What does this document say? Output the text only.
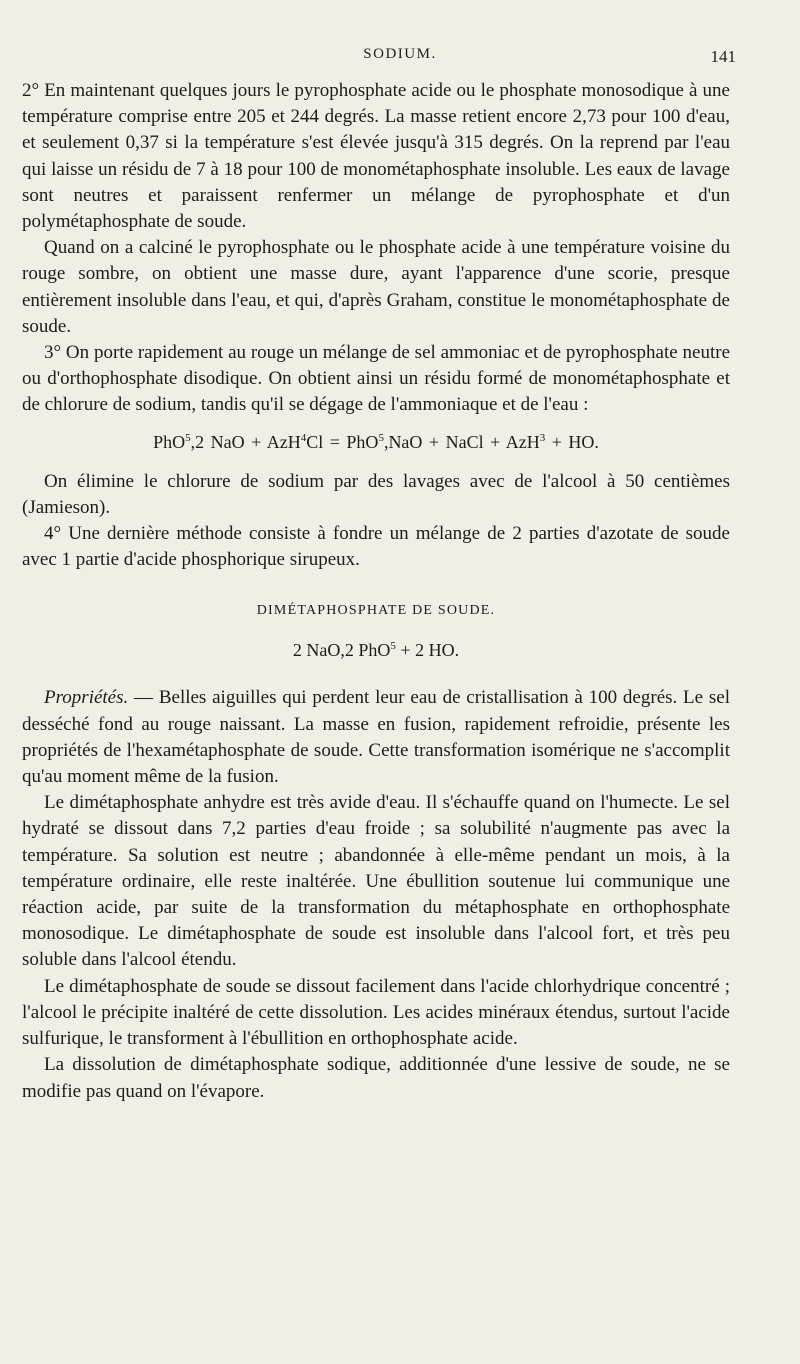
SODIUM.	141

2° En maintenant quelques jours le pyrophosphate acide ou le phosphate monosodique à une température comprise entre 205 et 244 degrés. La masse retient encore 2,73 pour 100 d'eau, et seulement 0,37 si la température s'est élevée jusqu'à 315 degrés. On la reprend par l'eau qui laisse un résidu de 7 à 18 pour 100 de monométaphosphate insoluble. Les eaux de lavage sont neutres et paraissent renfermer un mélange de pyrophosphate et d'un polymétaphosphate de soude.

Quand on a calciné le pyrophosphate ou le phosphate acide à une température voisine du rouge sombre, on obtient une masse dure, ayant l'apparence d'une scorie, presque entièrement insoluble dans l'eau, et qui, d'après Graham, constitue le monométaphosphate de soude.

3° On porte rapidement au rouge un mélange de sel ammoniac et de pyrophosphate neutre ou d'orthophosphate disodique. On obtient ainsi un résidu formé de monométaphosphate et de chlorure de sodium, tandis qu'il se dégage de l'ammoniaque et de l'eau :

PhO$^5$,2 NaO + AzH$^4$Cl = PhO$^5$,NaO + NaCl + AzH$^3$ + HO.

On élimine le chlorure de sodium par des lavages avec de l'alcool à 50 centièmes (Jamieson).

4° Une dernière méthode consiste à fondre un mélange de 2 parties d'azotate de soude avec 1 partie d'acide phosphorique sirupeux.

DIMÉTAPHOSPHATE DE SOUDE.
2 NaO,2 PhO$^5$ + 2 HO.

Propriétés. — Belles aiguilles qui perdent leur eau de cristallisation à 100 degrés. Le sel desséché fond au rouge naissant. La masse en fusion, rapidement refroidie, présente les propriétés de l'hexamétaphosphate de soude. Cette transformation isomérique ne s'accomplit qu'au moment même de la fusion.

Le dimétaphosphate anhydre est très avide d'eau. Il s'échauffe quand on l'humecte. Le sel hydraté se dissout dans 7,2 parties d'eau froide ; sa solubilité n'augmente pas avec la température. Sa solution est neutre ; abandonnée à elle-même pendant un mois, à la température ordinaire, elle reste inaltérée. Une ébullition soutenue lui communique une réaction acide, par suite de la transformation du métaphosphate en orthophosphate monosodique. Le dimétaphosphate de soude est insoluble dans l'alcool fort, et très peu soluble dans l'alcool étendu.

Le dimétaphosphate de soude se dissout facilement dans l'acide chlorhydrique concentré ; l'alcool le précipite inaltéré de cette dissolution. Les acides minéraux étendus, surtout l'acide sulfurique, le transforment à l'ébullition en orthophosphate acide.

La dissolution de dimétaphosphate sodique, additionnée d'une lessive de soude, ne se modifie pas quand on l'évapore.
